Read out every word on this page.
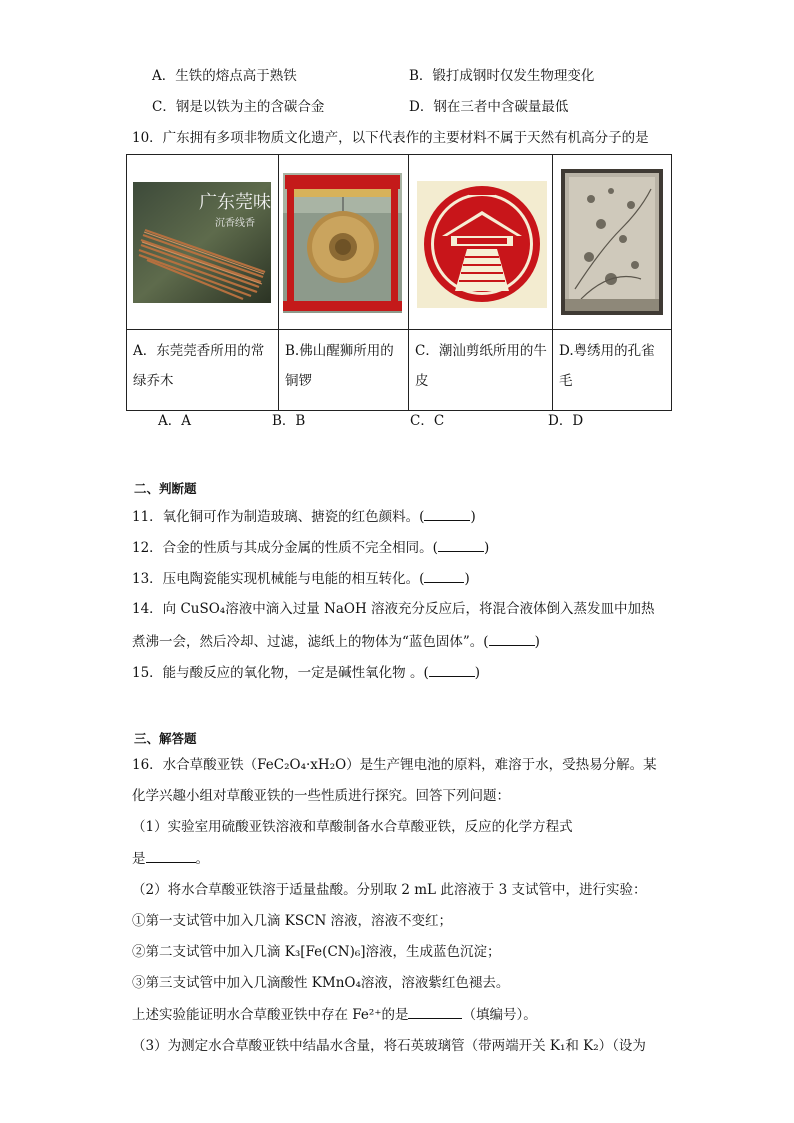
A．生铁的熔点高于熟铁	B．锻打成钢时仅发生物理变化
C．钢是以铁为主的含碳合金	D．钢在三者中含碳量最低
10．广东拥有多项非物质文化遗产，以下代表作的主要材料不属于天然有机高分子的是
广东莞味
沉香线香

A．东莞莞香所用的常绿乔木	B.佛山醒狮所用的铜锣	C．潮汕剪纸所用的牛皮	D.粤绣用的孔雀毛
A．A	B．B	C．C	D．D
二、判断题
11．氧化铜可作为制造玻璃、搪瓷的红色颜料。(	)
12．合金的性质与其成分金属的性质不完全相同。(	)
13．压电陶瓷能实现机械能与电能的相互转化。(	)
14．向 CuSO₄溶液中滴入过量 NaOH 溶液充分反应后，将混合液体倒入蒸发皿中加热
煮沸一会，然后冷却、过滤，滤纸上的物体为“蓝色固体”。(	)
15．能与酸反应的氧化物，一定是碱性氧化物 。(	)
三、解答题
16．水合草酸亚铁（FeC₂O₄·xH₂O）是生产锂电池的原料，难溶于水，受热易分解。某
化学兴趣小组对草酸亚铁的一些性质进行探究。回答下列问题：
（1）实验室用硫酸亚铁溶液和草酸制备水合草酸亚铁，反应的化学方程式
是	。
（2）将水合草酸亚铁溶于适量盐酸。分别取 2 mL 此溶液于 3 支试管中，进行实验：
①第一支试管中加入几滴 KSCN 溶液，溶液不变红；
②第二支试管中加入几滴 K₃[Fe(CN)₆]溶液，生成蓝色沉淀；
③第三支试管中加入几滴酸性 KMnO₄溶液，溶液紫红色褪去。
上述实验能证明水合草酸亚铁中存在 Fe²⁺的是	（填编号）。
（3）为测定水合草酸亚铁中结晶水含量，将石英玻璃管（带两端开关 K₁和 K₂）（设为
